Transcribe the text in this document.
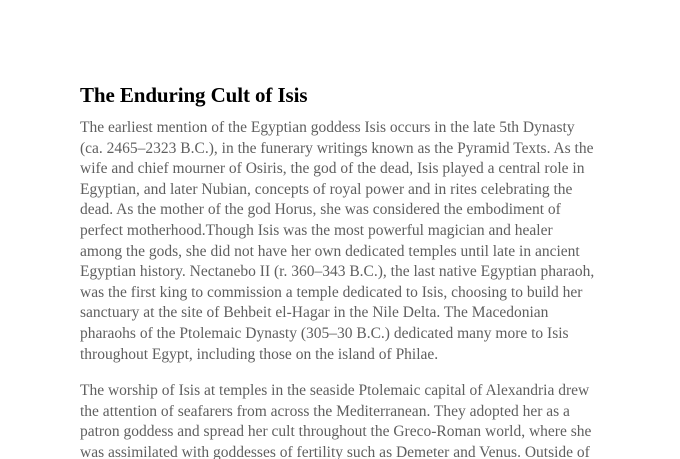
The Enduring Cult of Isis

The earliest mention of the Egyptian goddess Isis occurs in the late 5th Dynasty
(ca. 2465–2323 B.C.), in the funerary writings known as the Pyramid Texts. As the
wife and chief mourner of Osiris, the god of the dead, Isis played a central role in
Egyptian, and later Nubian, concepts of royal power and in rites celebrating the
dead. As the mother of the god Horus, she was considered the embodiment of
perfect motherhood.Though Isis was the most powerful magician and healer
among the gods, she did not have her own dedicated temples until late in ancient
Egyptian history. Nectanebo II (r. 360–343 B.C.), the last native Egyptian pharaoh,
was the first king to commission a temple dedicated to Isis, choosing to build her
sanctuary at the site of Behbeit el-Hagar in the Nile Delta. The Macedonian
pharaohs of the Ptolemaic Dynasty (305–30 B.C.) dedicated many more to Isis
throughout Egypt, including those on the island of Philae.

The worship of Isis at temples in the seaside Ptolemaic capital of Alexandria drew
the attention of seafarers from across the Mediterranean. They adopted her as a
patron goddess and spread her cult throughout the Greco-Roman world, where she
was assimilated with goddesses of fertility such as Demeter and Venus. Outside of
